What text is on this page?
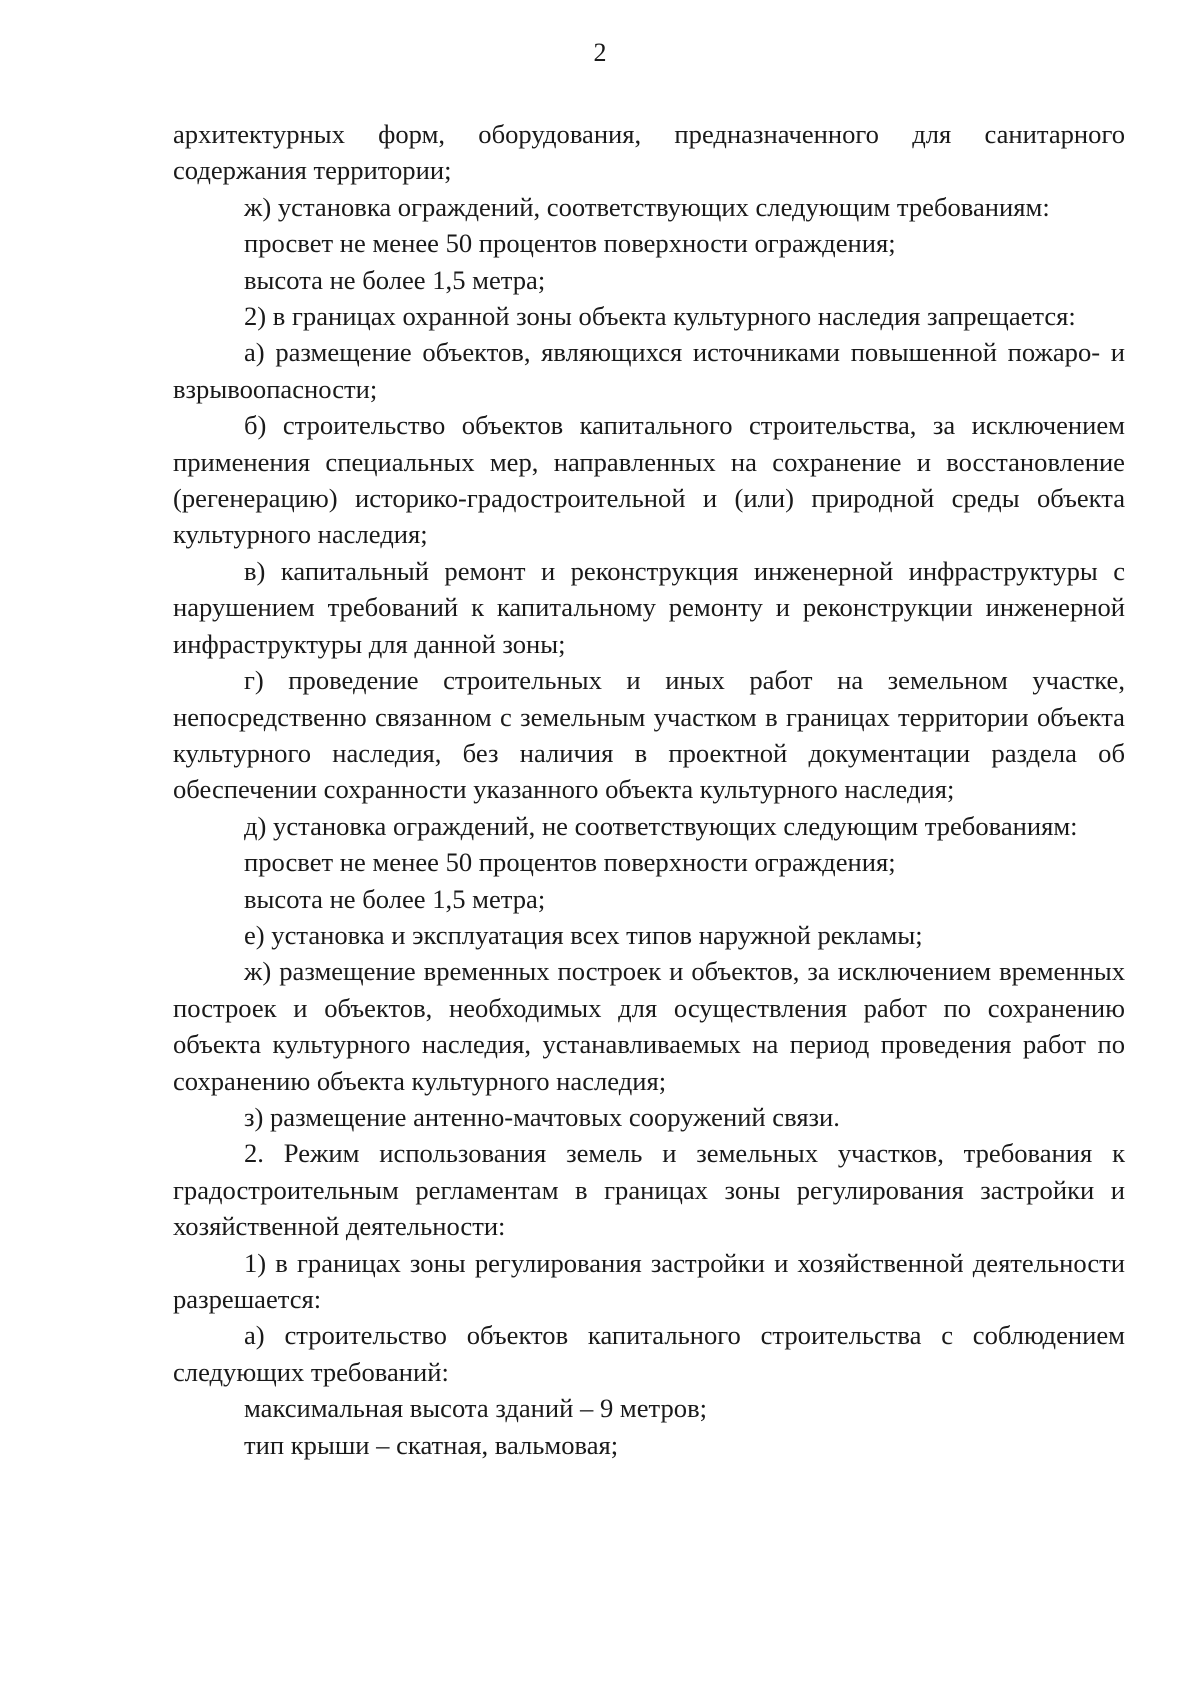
2

архитектурных форм, оборудования, предназначенного для санитарного содержания территории;

ж) установка ограждений, соответствующих следующим требованиям:

просвет не менее 50 процентов поверхности ограждения;

высота не более 1,5 метра;

2) в границах охранной зоны объекта культурного наследия запрещается:

а) размещение объектов, являющихся источниками повышенной пожаро- и взрывоопасности;

б) строительство объектов капитального строительства, за исключением применения специальных мер, направленных на сохранение и восстановление (регенерацию) историко-градостроительной и (или) природной среды объекта культурного наследия;

в) капитальный ремонт и реконструкция инженерной инфраструктуры с нарушением требований к капитальному ремонту и реконструкции инженерной инфраструктуры для данной зоны;

г) проведение строительных и иных работ на земельном участке, непосредственно связанном с земельным участком в границах территории объекта культурного наследия, без наличия в проектной документации раздела об обеспечении сохранности указанного объекта культурного наследия;

д) установка ограждений, не соответствующих следующим требованиям:

просвет не менее 50 процентов поверхности ограждения;

высота не более 1,5 метра;

е) установка и эксплуатация всех типов наружной рекламы;

ж) размещение временных построек и объектов, за исключением временных построек и объектов, необходимых для осуществления работ по сохранению объекта культурного наследия, устанавливаемых на период проведения работ по сохранению объекта культурного наследия;

з) размещение антенно-мачтовых сооружений связи.

2. Режим использования земель и земельных участков, требования к градостроительным регламентам в границах зоны регулирования застройки и хозяйственной деятельности:

1) в границах зоны регулирования застройки и хозяйственной деятельности разрешается:

а) строительство объектов капитального строительства с соблюдением следующих требований:

максимальная высота зданий – 9 метров;

тип крыши – скатная, вальмовая;
